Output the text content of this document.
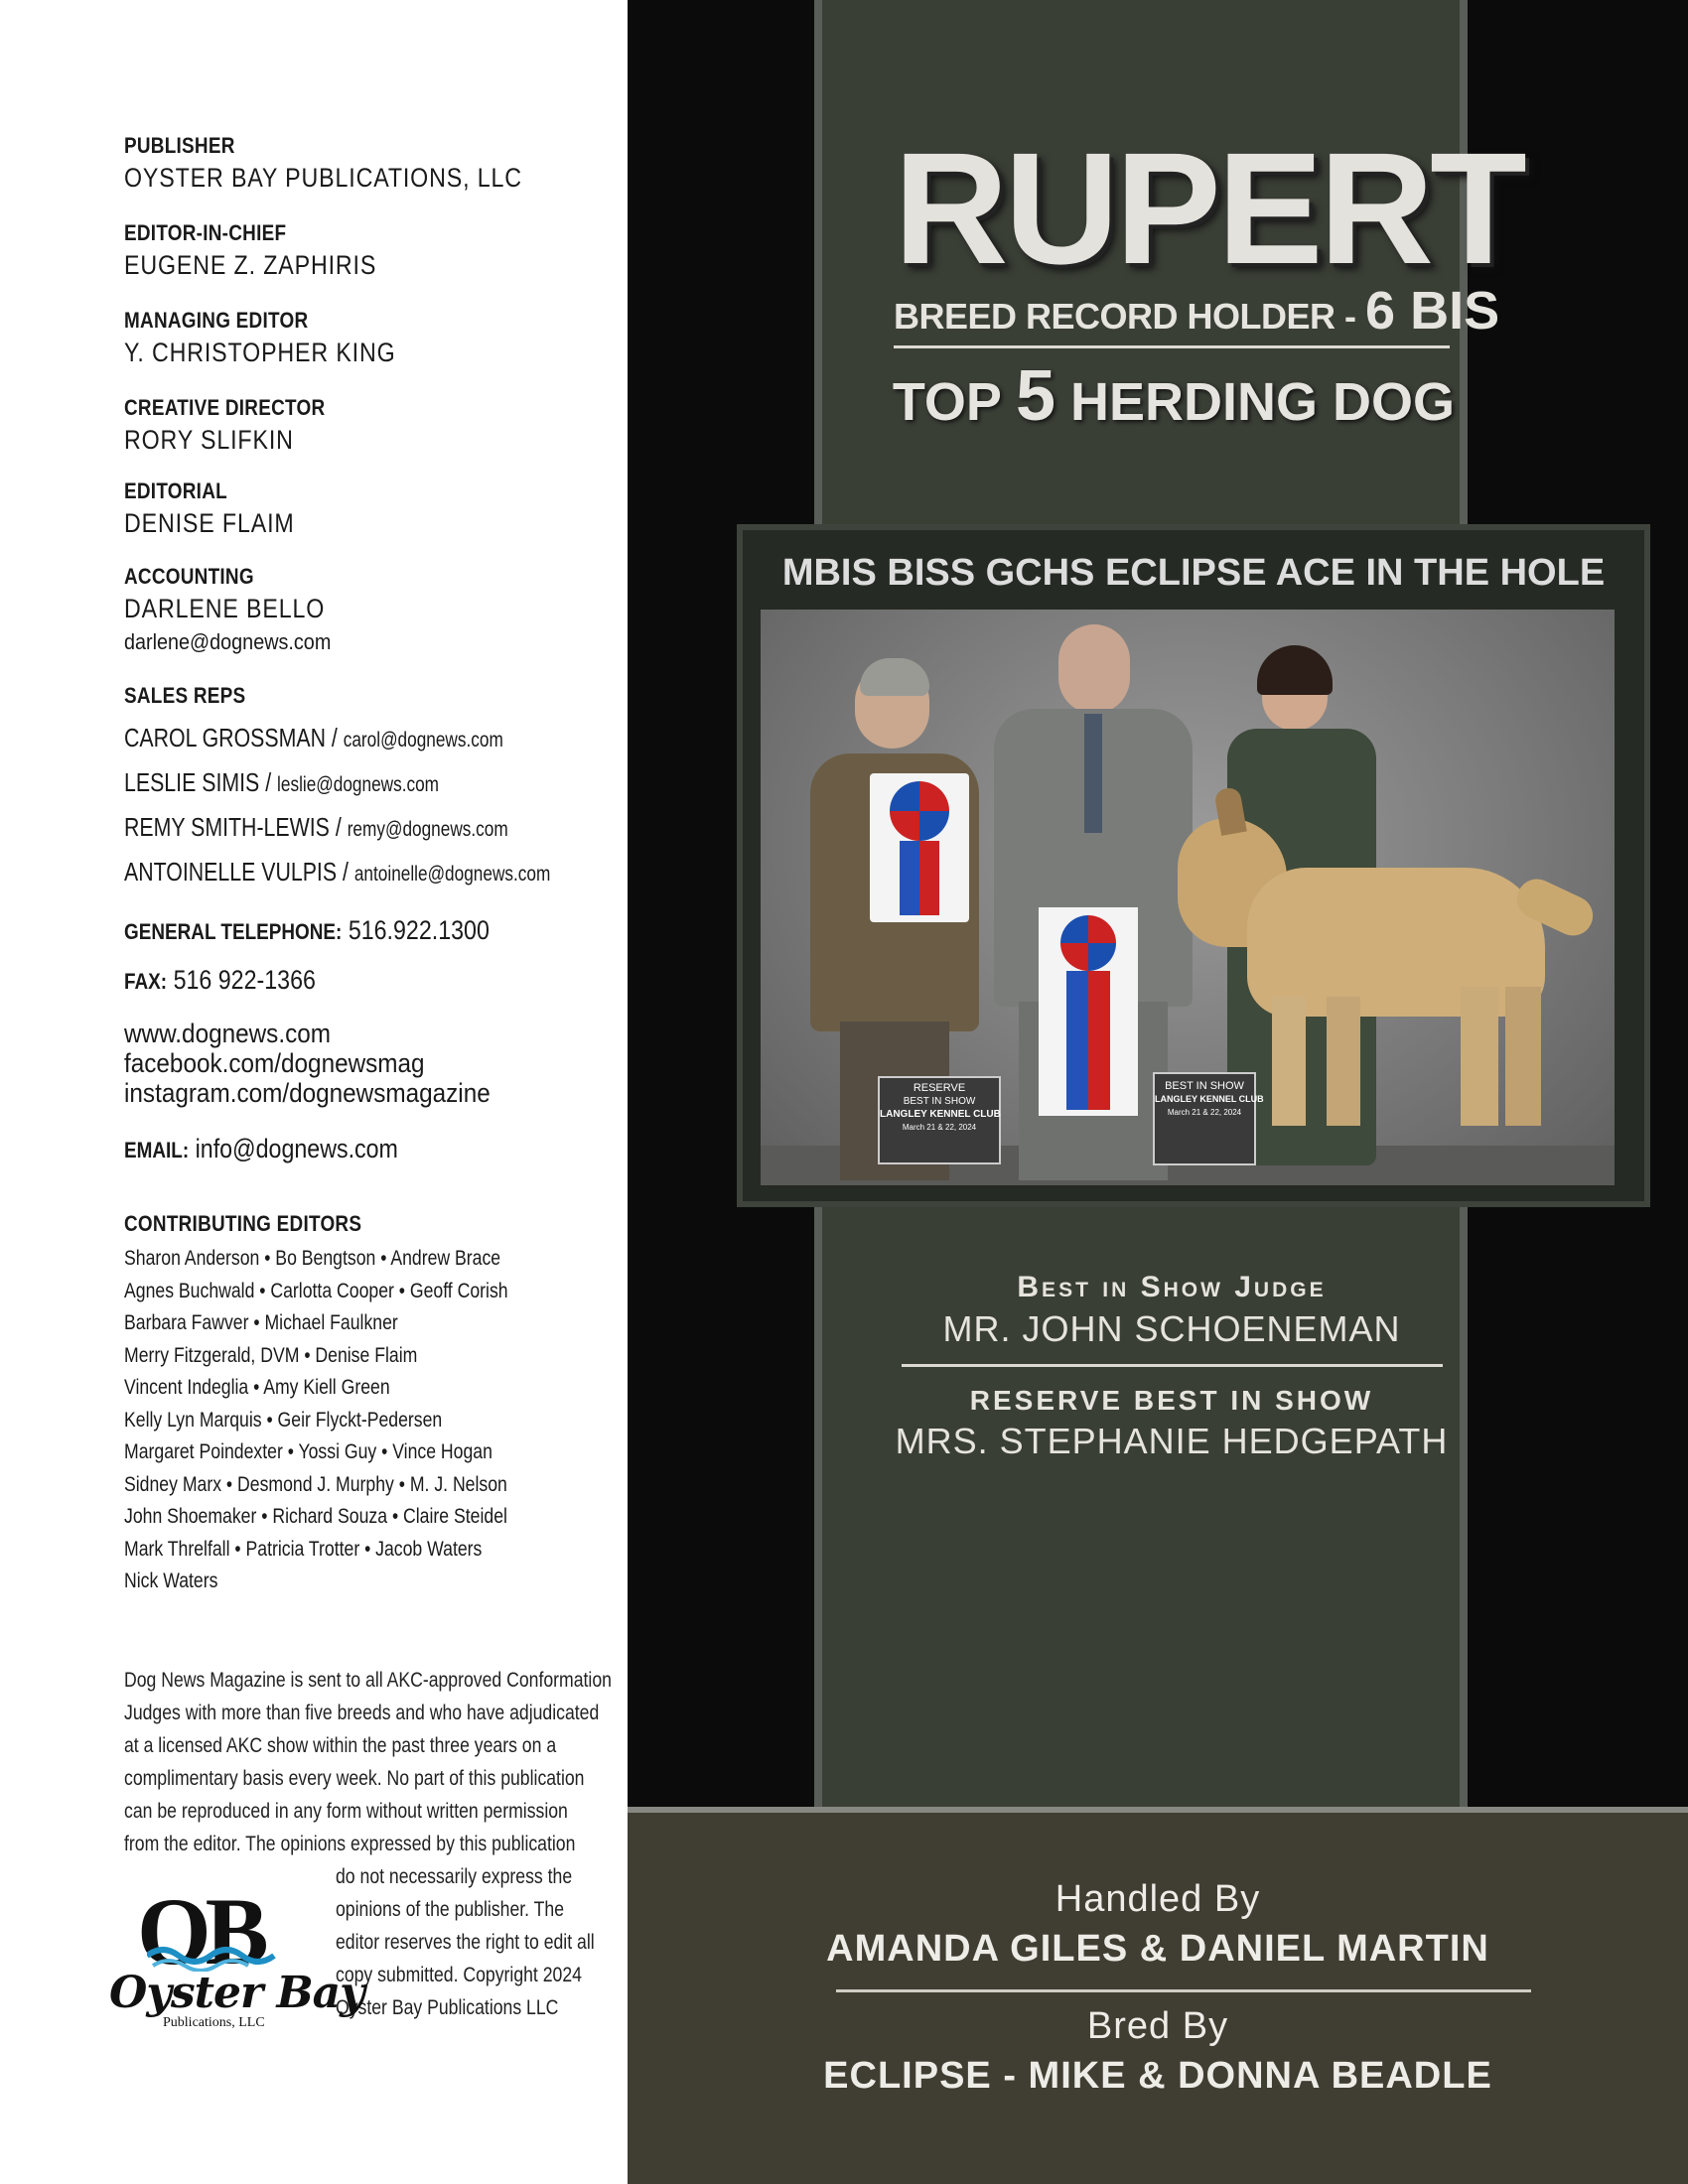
PUBLISHER
OYSTER BAY PUBLICATIONS, LLC
EDITOR-IN-CHIEF
EUGENE Z. ZAPHIRIS
MANAGING EDITOR
Y. CHRISTOPHER KING
CREATIVE DIRECTOR
RORY SLIFKIN
EDITORIAL
DENISE FLAIM
ACCOUNTING
DARLENE BELLO
darlene@dognews.com
SALES REPS
CAROL GROSSMAN / carol@dognews.com
LESLIE SIMIS / leslie@dognews.com
REMY SMITH-LEWIS / remy@dognews.com
ANTOINELLE VULPIS / antoinelle@dognews.com
GENERAL TELEPHONE: 516.922.1300
FAX: 516 922-1366
www.dognews.com
facebook.com/dognewsmag
instagram.com/dognewsmagazine
EMAIL: info@dognews.com
CONTRIBUTING EDITORS
Sharon Anderson • Bo Bengtson • Andrew Brace
Agnes Buchwald • Carlotta Cooper • Geoff Corish
Barbara Fawver • Michael Faulkner
Merry Fitzgerald, DVM • Denise Flaim
Vincent Indeglia • Amy Kiell Green
Kelly Lyn Marquis • Geir Flyckt-Pedersen
Margaret Poindexter • Yossi Guy • Vince Hogan
Sidney Marx • Desmond J. Murphy • M. J. Nelson
John Shoemaker • Richard Souza • Claire Steidel
Mark Threlfall • Patricia Trotter • Jacob Waters
Nick Waters
Dog News Magazine is sent to all AKC-approved Conformation
Judges with more than five breeds and who have adjudicated
at a licensed AKC show within the past three years on a
complimentary basis every week. No part of this publication
can be reproduced in any form without written permission
from the editor. The opinions expressed by this publication
do not necessarily express the
opinions of the publisher. The
editor reserves the right to edit all
copy submitted. Copyright 2024
Oyster Bay Publications LLC
OB
Oyster Bay
Publications, LLC
RUPERT
BREED RECORD HOLDER - 6 BIS
TOP 5 HERDING DOG
MBIS BISS GCHS ECLIPSE ACE IN THE HOLE
RESERVE
BEST IN SHOW
LANGLEY KENNEL CLUB
March 21 & 22, 2024
BEST IN SHOW
LANGLEY KENNEL CLUB
March 21 & 22, 2024
Best in Show Judge
MR. JOHN SCHOENEMAN
RESERVE BEST IN SHOW
MRS. STEPHANIE HEDGEPATH
Handled By
AMANDA GILES & DANIEL MARTIN
Bred By
ECLIPSE - MIKE & DONNA BEADLE
